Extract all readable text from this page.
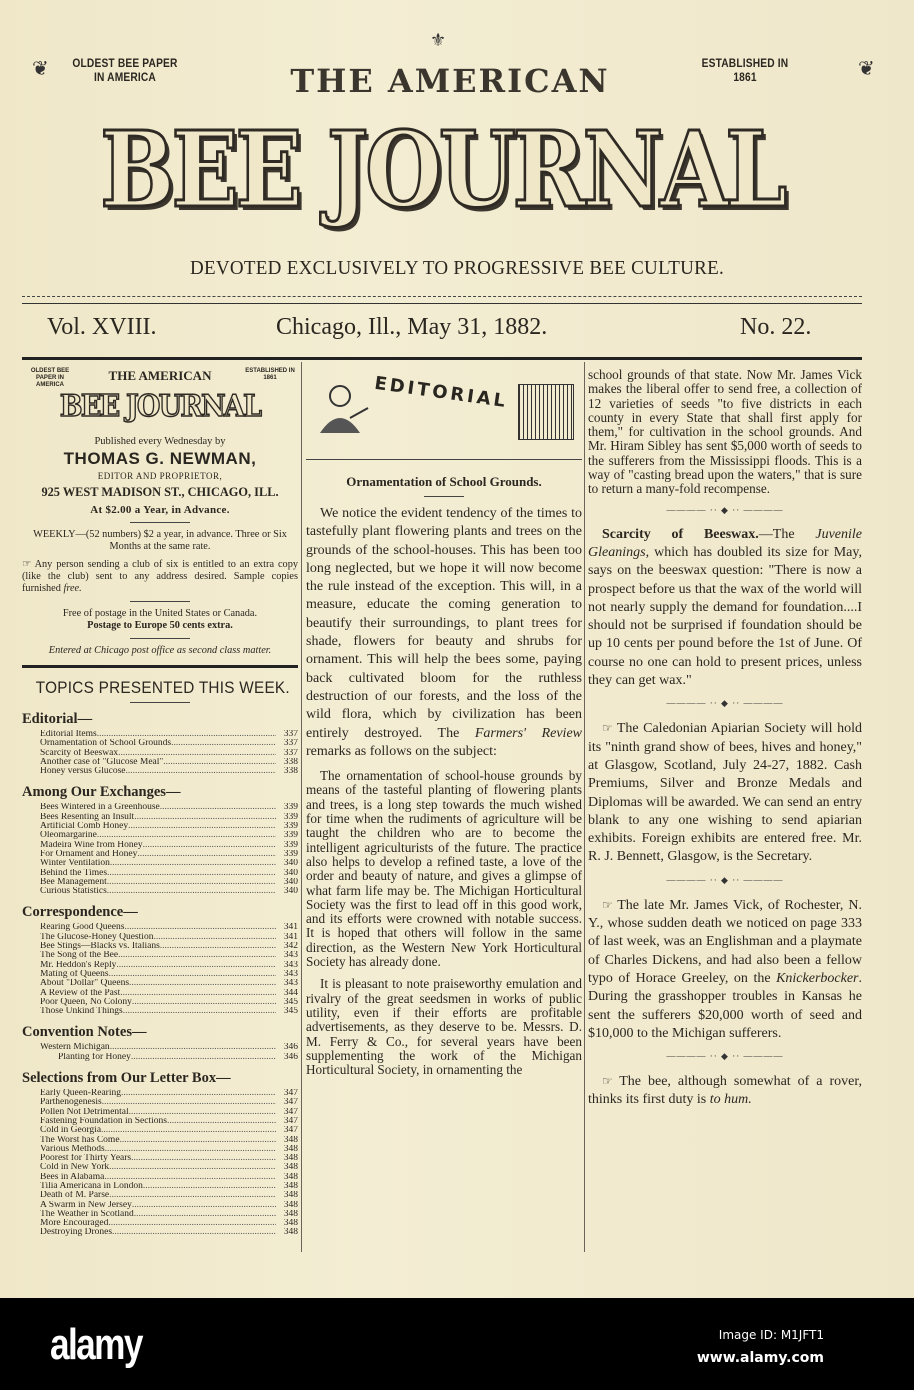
❦	❦
⚜
OLDEST BEE PAPER IN AMERICA
ESTABLISHED IN 1861
THE AMERICAN
BEE JOURNAL
DEVOTED EXCLUSIVELY TO PROGRESSIVE BEE CULTURE.
Vol. XVIII.	Chicago, Ill., May 31, 1882.	No. 22.
OLDEST BEE PAPER IN AMERICA
ESTABLISHED IN 1861
THE AMERICAN
BEE JOURNAL
Published every Wednesday by
THOMAS G. NEWMAN,
EDITOR AND PROPRIETOR,
925 WEST MADISON ST., CHICAGO, ILL.
At $2.00 a Year, in Advance.
WEEKLY—(52 numbers) $2 a year, in advance. Three or Six Months at the same rate.
☞ Any person sending a club of six is entitled to an extra copy (like the club) sent to any address desired. Sample copies furnished free.
Free of postage in the United States or Canada.
Postage to Europe 50 cents extra.
Entered at Chicago post office as second class matter.
TOPICS PRESENTED THIS WEEK.
Editorial—
Editorial Items .....	337
Ornamentation of School Grounds .....	337
Scarcity of Beeswax .....	337
Another case of "Glucose Meal" .....	338
Honey versus Glucose .....	338
Among Our Exchanges—
Bees Wintered in a Greenhouse .....	339
Bees Resenting an Insult .....	339
Artificial Comb Honey .....	339
Oleomargarine .....	339
Madeira Wine from Honey .....	339
For Ornament and Honey .....	339
Winter Ventilation .....	340
Behind the Times .....	340
Bee Management .....	340
Curious Statistics .....	340
Correspondence—
Rearing Good Queens .....	341
The Glucose-Honey Question .....	341
Bee Stings—Blacks vs. Italians .....	342
The Song of the Bee .....	343
Mr. Heddon's Reply .....	343
Mating of Queens .....	343
About "Dollar" Queens .....	343
A Review of the Past .....	344
Poor Queen, No Colony .....	345
Those Unkind Things .....	345
Convention Notes—
Western Michigan .....	346
Planting for Honey .....	346
Selections from Our Letter Box—
Early Queen-Rearing .....	347
Parthenogenesis .....	347
Pollen Not Detrimental .....	347
Fastening Foundation in Sections .....	347
Cold in Georgia .....	347
The Worst has Come .....	348
Various Methods .....	348
Poorest for Thirty Years .....	348
Cold in New York .....	348
Bees in Alabama .....	348
Tilia Americana in London .....	348
Death of M. Parse .....	348
A Swarm in New Jersey .....	348
The Weather in Scotland .....	348
More Encouraged .....	348
Destroying Drones .....	348
EDITORIAL
Ornamentation of School Grounds.

We notice the evident tendency of the times to tastefully plant flowering plants and trees on the grounds of the school-houses. This has been too long neglected, but we hope it will now become the rule instead of the exception. This will, in a measure, educate the coming generation to beautify their surroundings, to plant trees for shade, flowers for beauty and shrubs for ornament. This will help the bees some, paying back cultivated bloom for the ruthless destruction of our forests, and the loss of the wild flora, which by civilization has been entirely destroyed. The Farmers' Review remarks as follows on the subject:

The ornamentation of school-house grounds by means of the tasteful planting of flowering plants and trees, is a long step towards the much wished for time when the rudiments of agriculture will be taught the children who are to become the intelligent agriculturists of the future. The practice also helps to develop a refined taste, a love of the order and beauty of nature, and gives a glimpse of what farm life may be. The Michigan Horticultural Society was the first to lead off in this good work, and its efforts were crowned with notable success. It is hoped that others will follow in the same direction, as the Western New York Horticultural Society has already done.

It is pleasant to note praiseworthy emulation and rivalry of the great seedsmen in works of public utility, even if their efforts are profitable advertisements, as they deserve to be. Messrs. D. M. Ferry & Co., for several years have been supplementing the work of the Michigan Horticultural Society, in ornamenting the

school grounds of that state. Now Mr. James Vick makes the liberal offer to send free, a collection of 12 varieties of seeds "to five districts in each county in every State that shall first apply for them," for cultivation in the school grounds. And Mr. Hiram Sibley has sent $5,000 worth of seeds to the sufferers from the Mississippi floods. This is a way of "casting bread upon the waters," that is sure to return a many-fold recompense.

———— ·· ◆ ·· ————

Scarcity of Beeswax.—The Juvenile Gleanings, which has doubled its size for May, says on the beeswax question: "There is now a prospect before us that the wax of the world will not nearly supply the demand for foundation....I should not be surprised if foundation should be up 10 cents per pound before the 1st of June. Of course no one can hold to present prices, unless they can get wax."

———— ·· ◆ ·· ————

☞ The Caledonian Apiarian Society will hold its "ninth grand show of bees, hives and honey," at Glasgow, Scotland, July 24-27, 1882. Cash Premiums, Silver and Bronze Medals and Diplomas will be awarded. We can send an entry blank to any one wishing to send apiarian exhibits. Foreign exhibits are entered free. Mr. R. J. Bennett, Glasgow, is the Secretary.

———— ·· ◆ ·· ————

☞ The late Mr. James Vick, of Rochester, N. Y., whose sudden death we noticed on page 333 of last week, was an Englishman and a playmate of Charles Dickens, and had also been a fellow typo of Horace Greeley, on the Knickerbocker. During the grasshopper troubles in Kansas he sent the sufferers $20,000 worth of seed and $10,000 to the Michigan sufferers.

———— ·· ◆ ·· ————

☞ The bee, although somewhat of a rover, thinks its first duty is to hum.

alamy	Image ID: M1JFT1
www.alamy.com
